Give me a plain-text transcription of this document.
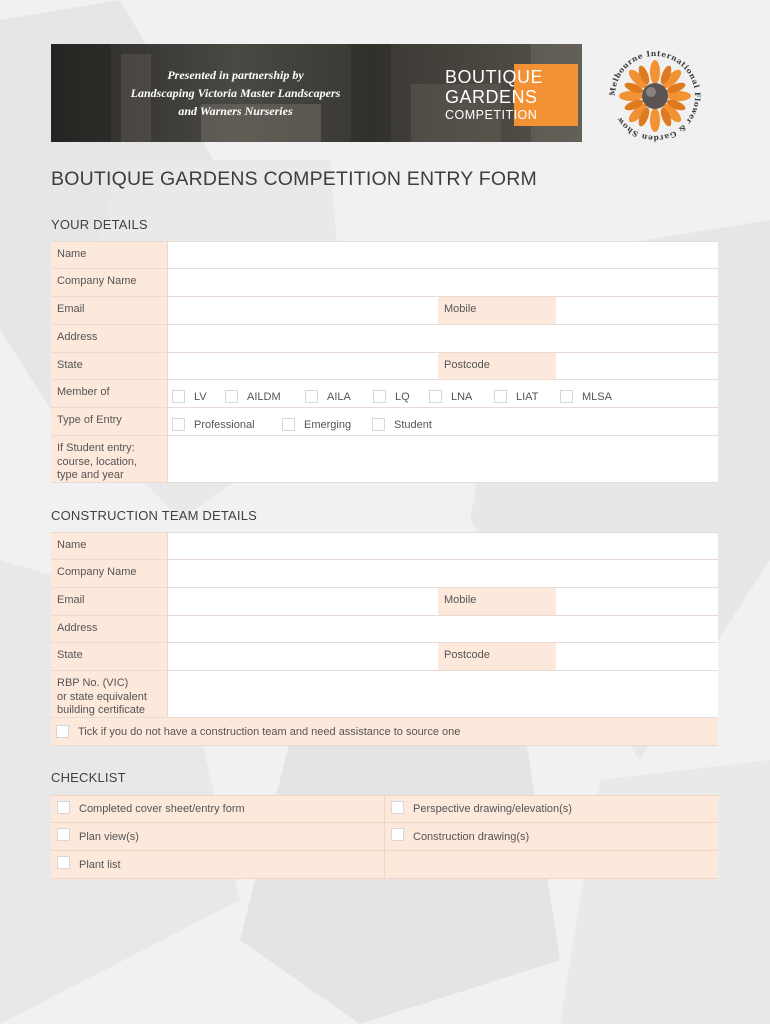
Presented in partnership by
Landscaping Victoria Master Landscapers
and Warners Nurseries
BOUTIQUE
GARDENS
COMPETITION
Melbourne International Flower & Garden Show
BOUTIQUE GARDENS COMPETITION ENTRY FORM
YOUR DETAILS
Name
Company Name
Email	Mobile
Address
State	Postcode
Member of	LV	AILDM	AILA	LQ	LNA	LIAT	MLSA
Type of Entry	Professional	Emerging	Student
If Student entry:
course, location,
type and year
CONSTRUCTION TEAM DETAILS
Name
Company Name
Email	Mobile
Address
State	Postcode
RBP No. (VIC)
or state equivalent
building certificate
Tick if you do not have a construction team and need assistance to source one
CHECKLIST
Completed cover sheet/entry form	Perspective drawing/elevation(s)
Plan view(s)	Construction drawing(s)
Plant list
